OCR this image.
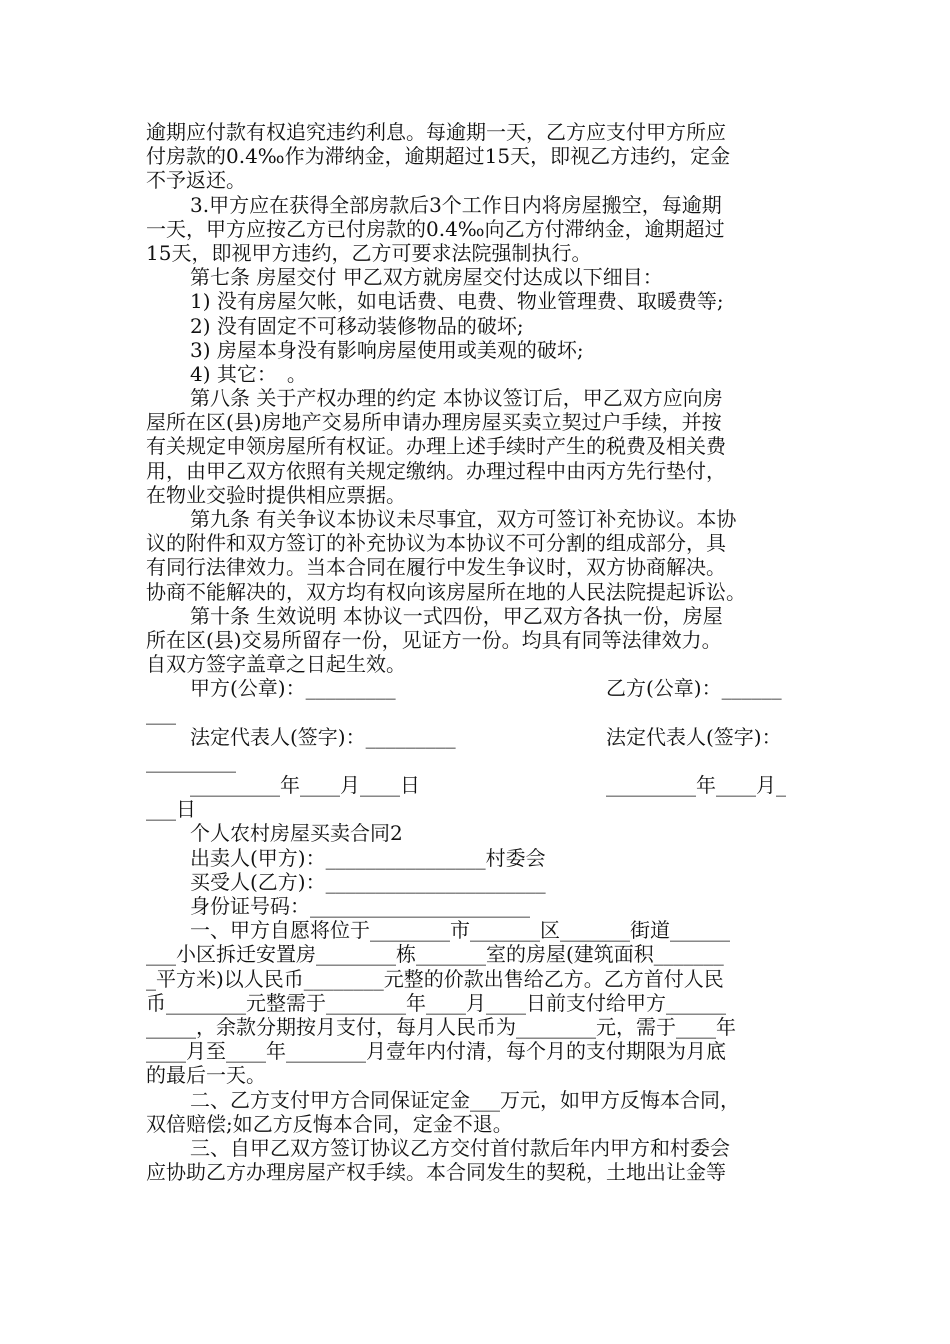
逾期应付款有权追究违约利息。每逾期一天，乙方应支付甲方所应
付房款的0.4‰作为滞纳金，逾期超过15天，即视乙方违约，定金
不予返还。
3.甲方应在获得全部房款后3个工作日内将房屋搬空，每逾期
一天，甲方应按乙方已付房款的0.4‰向乙方付滞纳金，逾期超过
15天，即视甲方违约，乙方可要求法院强制执行。
第七条 房屋交付 甲乙双方就房屋交付达成以下细目：
1) 没有房屋欠帐，如电话费、电费、物业管理费、取暖费等;
2) 没有固定不可移动装修物品的破坏;
3) 房屋本身没有影响房屋使用或美观的破坏;
4) 其它：　。
第八条 关于产权办理的约定 本协议签订后，甲乙双方应向房
屋所在区(县)房地产交易所申请办理房屋买卖立契过户手续，并按
有关规定申领房屋所有权证。办理上述手续时产生的税费及相关费
用，由甲乙双方依照有关规定缴纳。办理过程中由丙方先行垫付，
在物业交验时提供相应票据。
第九条 有关争议本协议未尽事宜，双方可签订补充协议。本协
议的附件和双方签订的补充协议为本协议不可分割的组成部分，具
有同行法律效力。当本合同在履行中发生争议时，双方协商解决。
协商不能解决的，双方均有权向该房屋所在地的人民法院提起诉讼。
第十条 生效说明 本协议一式四份，甲乙双方各执一份，房屋
所在区(县)交易所留存一份，见证方一份。均具有同等法律效力。
自双方签字盖章之日起生效。
甲方(公章)：_________	乙方(公章)：______
___
法定代表人(签字)：_________	法定代表人(签字)：
_________
_________年____月____日	_________年____月_
___日
个人农村房屋买卖合同2
出卖人(甲方)：________________村委会
买受人(乙方)：______________________
身份证号码：______________________
一、甲方自愿将位于________市_______区_______街道______
___小区拆迁安置房________栋_______室的房屋(建筑面积_______
_平方米)以人民币________元整的价款出售给乙方。乙方首付人民
币________元整需于________年____月____日前支付给甲方______
_____，余款分期按月支付，每月人民币为________元，需于____年
____月至____年________月壹年内付清，每个月的支付期限为月底
的最后一天。
二、乙方支付甲方合同保证定金___万元，如甲方反悔本合同，
双倍赔偿;如乙方反悔本合同，定金不退。
三、自甲乙双方签订协议乙方交付首付款后年内甲方和村委会
应协助乙方办理房屋产权手续。本合同发生的契税，土地出让金等
